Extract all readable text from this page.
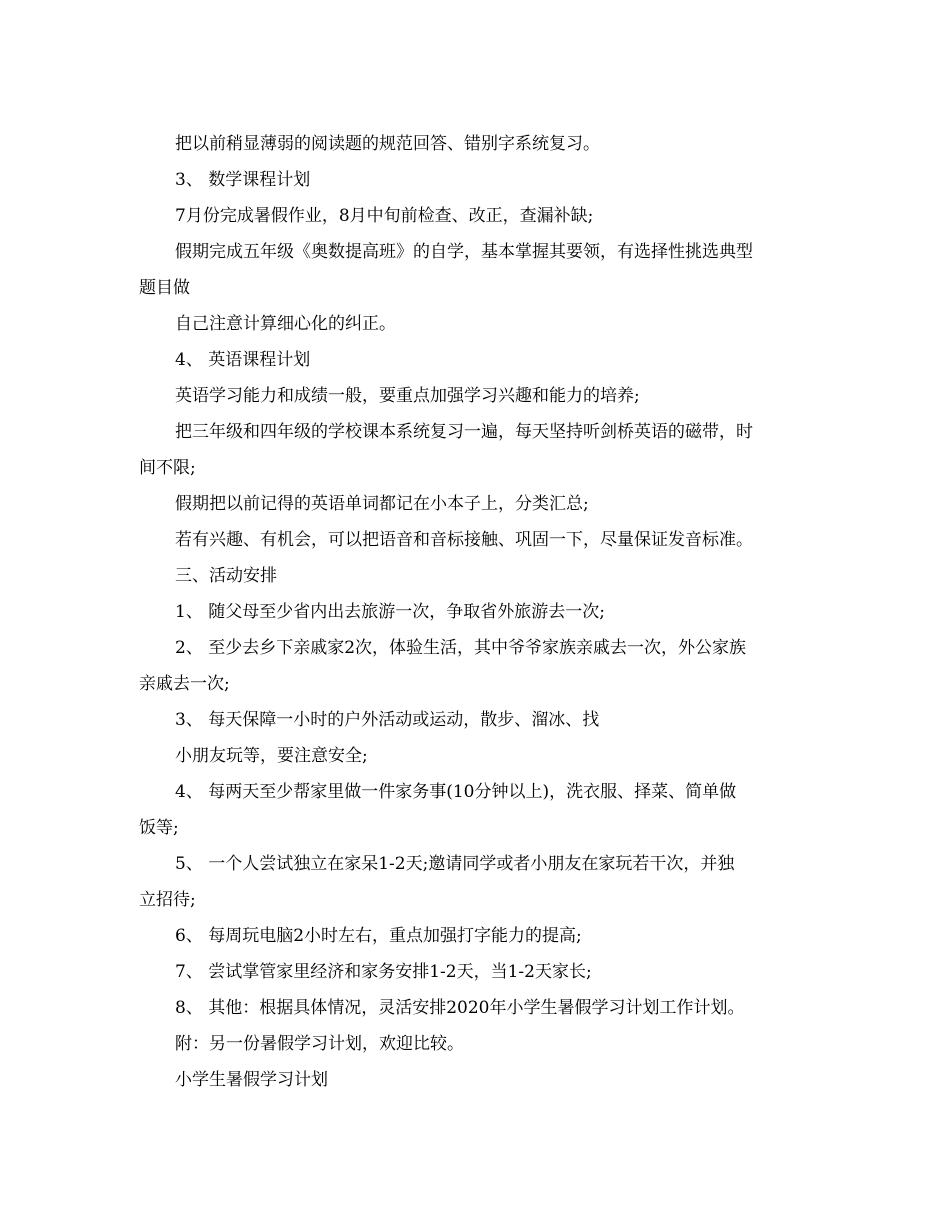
把以前稍显薄弱的阅读题的规范回答、错别字系统复习。
3、 数学课程计划
7月份完成暑假作业，8月中旬前检查、改正，查漏补缺;
假期完成五年级《奥数提高班》的自学，基本掌握其要领，有选择性挑选典型
题目做
自己注意计算细心化的纠正。
4、 英语课程计划
英语学习能力和成绩一般，要重点加强学习兴趣和能力的培养;
把三年级和四年级的学校课本系统复习一遍，每天坚持听剑桥英语的磁带，时
间不限;
假期把以前记得的英语单词都记在小本子上，分类汇总;
若有兴趣、有机会，可以把语音和音标接触、巩固一下，尽量保证发音标准。
三、活动安排
1、 随父母至少省内出去旅游一次，争取省外旅游去一次;
2、 至少去乡下亲戚家2次，体验生活，其中爷爷家族亲戚去一次，外公家族
亲戚去一次;
3、 每天保障一小时的户外活动或运动，散步、溜冰、找
小朋友玩等，要注意安全;
4、 每两天至少帮家里做一件家务事(10分钟以上)，洗衣服、择菜、简单做
饭等;
5、 一个人尝试独立在家呆1-2天;邀请同学或者小朋友在家玩若干次，并独
立招待;
6、 每周玩电脑2小时左右，重点加强打字能力的提高;
7、 尝试掌管家里经济和家务安排1-2天，当1-2天家长;
8、 其他：根据具体情况，灵活安排2020年小学生暑假学习计划工作计划。
附：另一份暑假学习计划，欢迎比较。
小学生暑假学习计划
